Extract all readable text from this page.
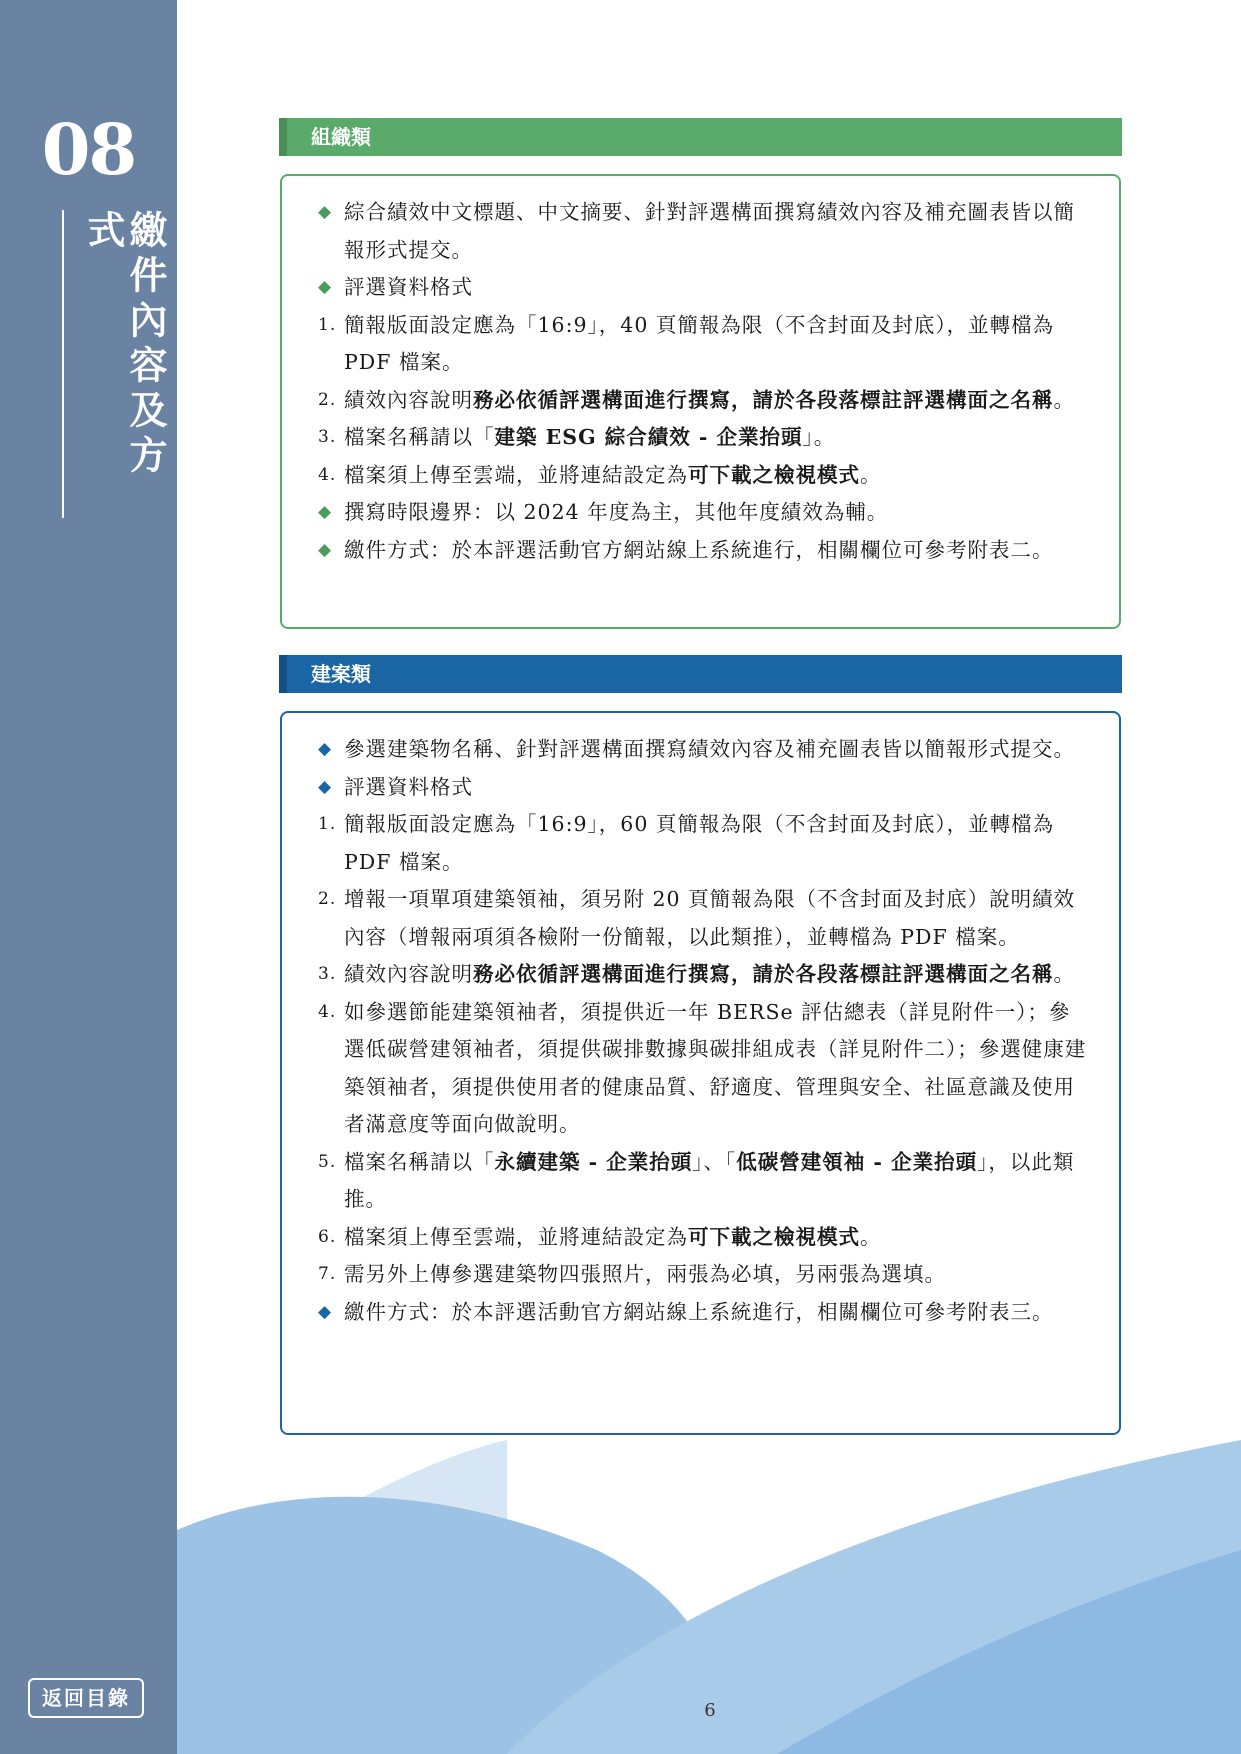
08

繳件內容及方式

返回目錄
組織類
◆ 綜合績效中文標題、中文摘要、針對評選構面撰寫績效內容及補充圖表皆以簡報形式提交。
◆ 評選資料格式
1. 簡報版面設定應為「16:9」，40 頁簡報為限（不含封面及封底），並轉檔為 PDF 檔案。
2. 績效內容說明務必依循評選構面進行撰寫，請於各段落標註評選構面之名稱。
3. 檔案名稱請以「建築 ESG 綜合績效 - 企業抬頭」。
4. 檔案須上傳至雲端，並將連結設定為可下載之檢視模式。
◆ 撰寫時限邊界：以 2024 年度為主，其他年度績效為輔。
◆ 繳件方式：於本評選活動官方網站線上系統進行，相關欄位可參考附表二。
建案類
◆ 參選建築物名稱、針對評選構面撰寫績效內容及補充圖表皆以簡報形式提交。
◆ 評選資料格式
1. 簡報版面設定應為「16:9」，60 頁簡報為限（不含封面及封底），並轉檔為 PDF 檔案。
2. 增報一項單項建築領袖，須另附 20 頁簡報為限（不含封面及封底）說明績效內容（增報兩項須各檢附一份簡報，以此類推），並轉檔為 PDF 檔案。
3. 績效內容說明務必依循評選構面進行撰寫，請於各段落標註評選構面之名稱。
4. 如參選節能建築領袖者，須提供近一年 BERSe 評估總表（詳見附件一）；參選低碳營建領袖者，須提供碳排數據與碳排組成表（詳見附件二）；參選健康建築領袖者，須提供使用者的健康品質、舒適度、管理與安全、社區意識及使用者滿意度等面向做說明。
5. 檔案名稱請以「永續建築 - 企業抬頭」、「低碳營建領袖 - 企業抬頭」，以此類推。
6. 檔案須上傳至雲端，並將連結設定為可下載之檢視模式。
7. 需另外上傳參選建築物四張照片，兩張為必填，另兩張為選填。
◆ 繳件方式：於本評選活動官方網站線上系統進行，相關欄位可參考附表三。
6
